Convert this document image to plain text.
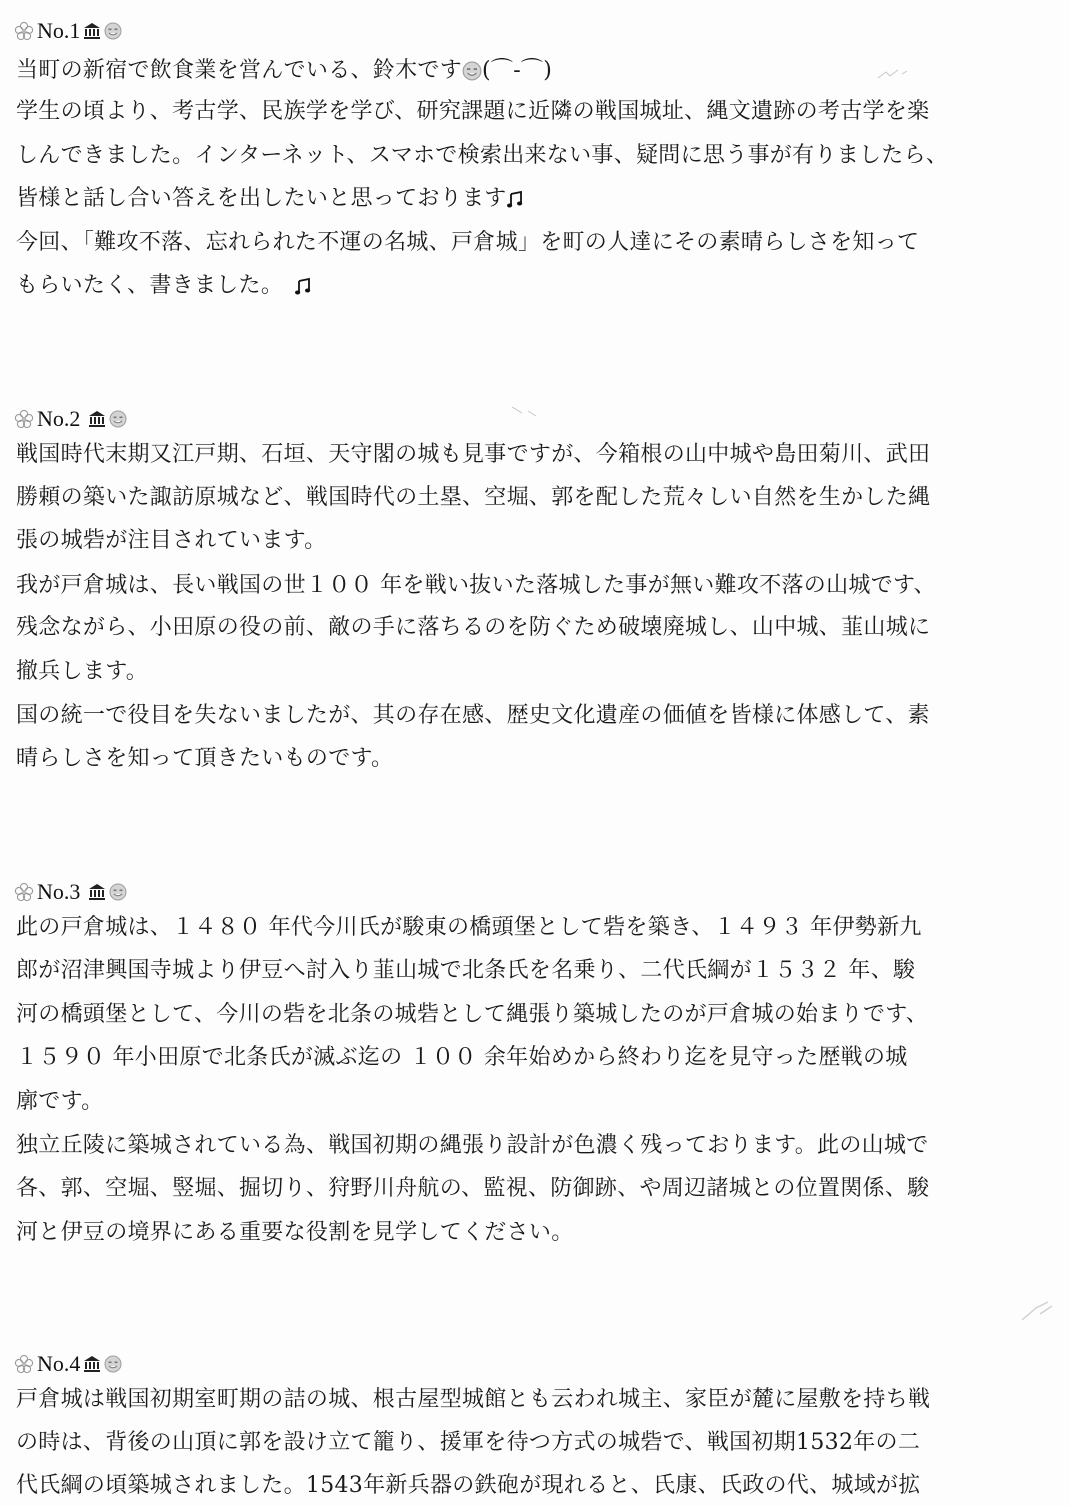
No.1
当町の新宿で飲食業を営んでいる、鈴木です (⌒-⌒)
学生の頃より、考古学、民族学を学び、研究課題に近隣の戦国城址、縄文遺跡の考古学を楽
しんできました。インターネット、スマホで検索出来ない事、疑問に思う事が有りましたら、
皆様と話し合い答えを出したいと思っております
今回、「難攻不落、忘れられた不運の名城、戸倉城」を町の人達にその素晴らしさを知って
もらいたく、書きました。
No.2
戦国時代末期又江戸期、石垣、天守閣の城も見事ですが、今箱根の山中城や島田菊川、武田
勝頼の築いた諏訪原城など、戦国時代の土塁、空堀、郭を配した荒々しい自然を生かした縄
張の城砦が注目されています。
我が戸倉城は、長い戦国の世１００ 年を戦い抜いた落城した事が無い難攻不落の山城です、
残念ながら、小田原の役の前、敵の手に落ちるのを防ぐため破壊廃城し、山中城、韮山城に
撤兵します。
国の統一で役目を失ないましたが、其の存在感、歴史文化遺産の価値を皆様に体感して、素
晴らしさを知って頂きたいものです。
No.3
此の戸倉城は、１４８０ 年代今川氏が駿東の橋頭堡として砦を築き、１４９３ 年伊勢新九
郎が沼津興国寺城より伊豆へ討入り韮山城で北条氏を名乗り、二代氏綱が１５３２ 年、駿
河の橋頭堡として、今川の砦を北条の城砦として縄張り築城したのが戸倉城の始まりです、
１５９０ 年小田原で北条氏が滅ぶ迄の １００ 余年始めから終わり迄を見守った歴戦の城
廓です。
独立丘陵に築城されている為、戦国初期の縄張り設計が色濃く残っております。此の山城で
各、郭、空堀、竪堀、掘切り、狩野川舟航の、監視、防御跡、や周辺諸城との位置関係、駿
河と伊豆の境界にある重要な役割を見学してください。
No.4
戸倉城は戦国初期室町期の詰の城、根古屋型城館とも云われ城主、家臣が麓に屋敷を持ち戦
の時は、背後の山頂に郭を設け立て籠り、援軍を待つ方式の城砦で、戦国初期1532年の二
代氏綱の頃築城されました。1543年新兵器の鉄砲が現れると、氏康、氏政の代、城域が拡
